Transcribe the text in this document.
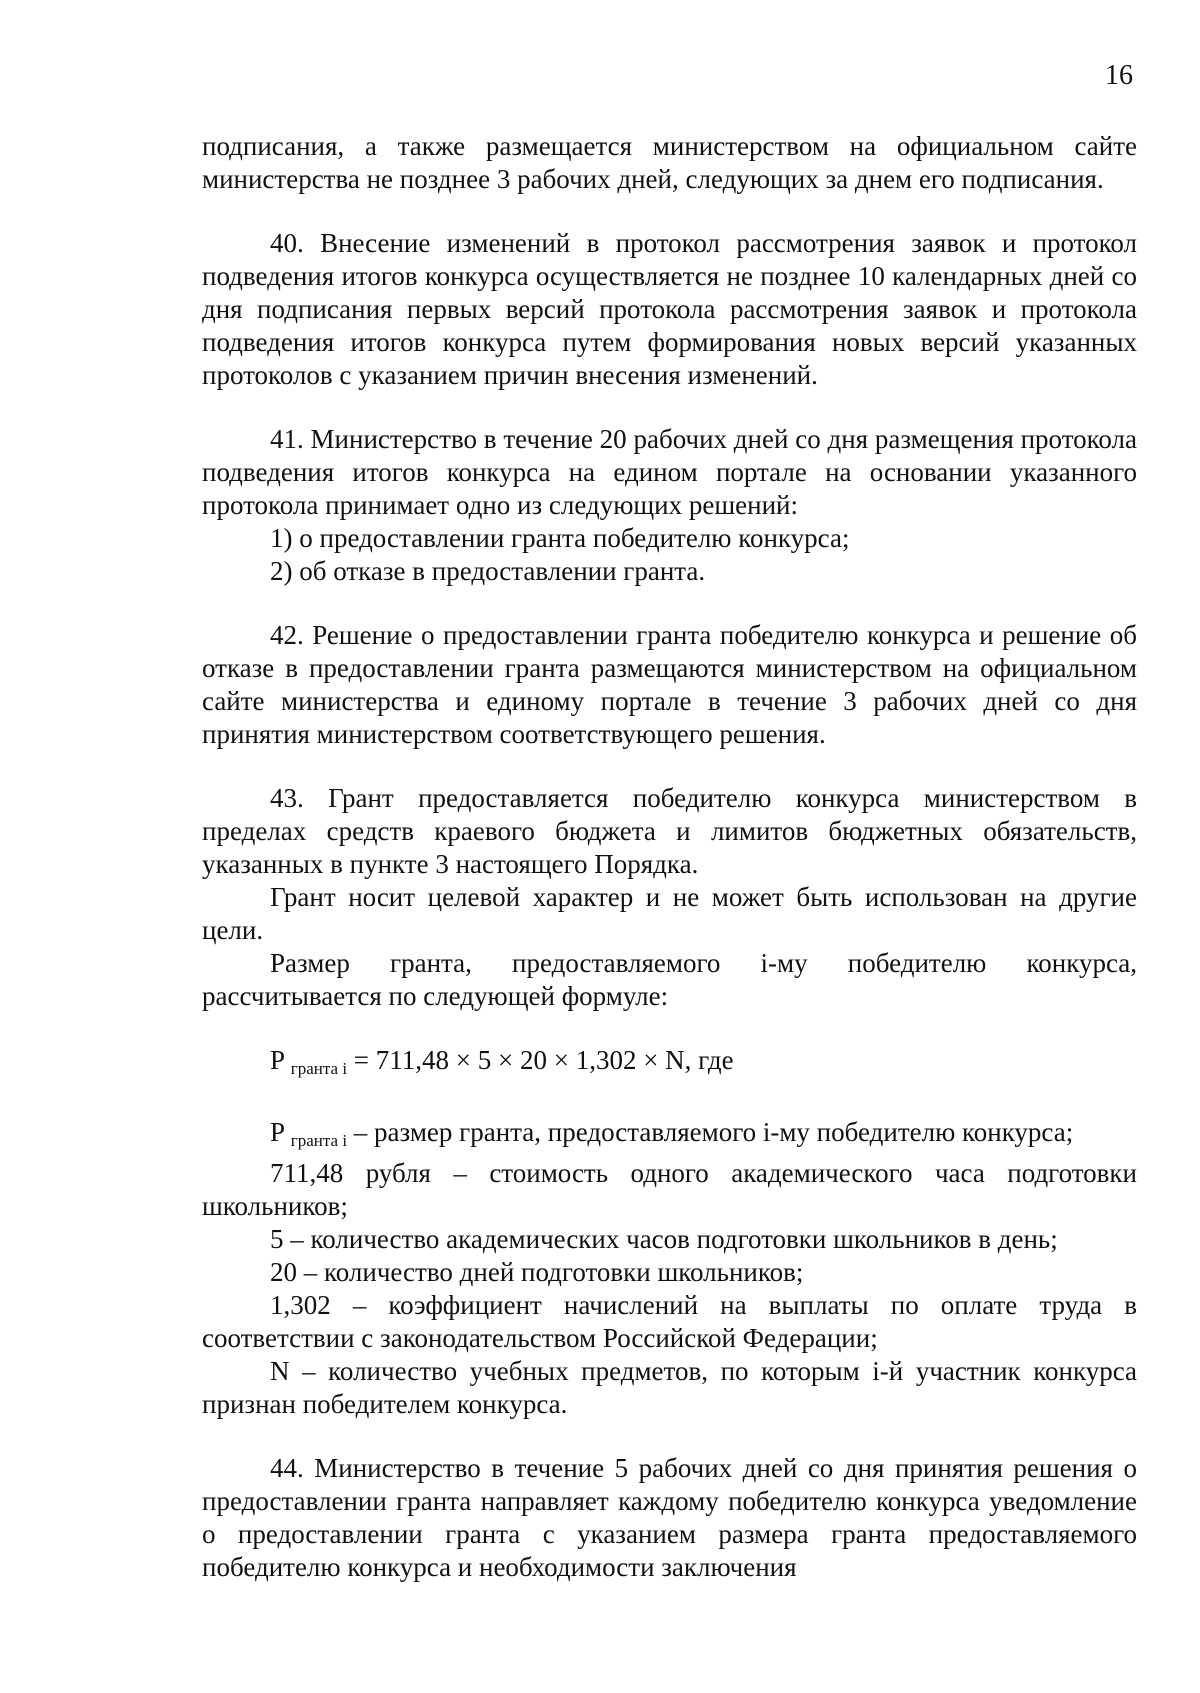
16

подписания, а также размещается министерством на официальном сайте министерства не позднее 3 рабочих дней, следующих за днем его подписания.

40. Внесение изменений в протокол рассмотрения заявок и протокол подведения итогов конкурса осуществляется не позднее 10 календарных дней со дня подписания первых версий протокола рассмотрения заявок и протокола подведения итогов конкурса путем формирования новых версий указанных протоколов с указанием причин внесения изменений.

41. Министерство в течение 20 рабочих дней со дня размещения протокола подведения итогов конкурса на едином портале на основании указанного протокола принимает одно из следующих решений:

1) о предоставлении гранта победителю конкурса;

2) об отказе в предоставлении гранта.

42. Решение о предоставлении гранта победителю конкурса и решение об отказе в предоставлении гранта размещаются министерством на официальном сайте министерства и единому портале в течение 3 рабочих дней со дня принятия министерством соответствующего решения.

43. Грант предоставляется победителю конкурса министерством в пределах средств краевого бюджета и лимитов бюджетных обязательств, указанных в пункте 3 настоящего Порядка.

Грант носит целевой характер и не может быть использован на другие цели.

Размер гранта, предоставляемого i-му победителю конкурса, рассчитывается по следующей формуле:

P $_{гранта i}$ = 711,48 × 5 × 20 × 1,302 × N, где

P $_{гранта i}$ – размер гранта, предоставляемого i-му победителю конкурса;

711,48 рубля – стоимость одного академического часа подготовки школьников;

5 – количество академических часов подготовки школьников в день;

20 – количество дней подготовки школьников;

1,302 – коэффициент начислений на выплаты по оплате труда в соответствии с законодательством Российской Федерации;

N – количество учебных предметов, по которым i-й участник конкурса признан победителем конкурса.

44. Министерство в течение 5 рабочих дней со дня принятия решения о предоставлении гранта направляет каждому победителю конкурса уведомление о предоставлении гранта с указанием размера гранта предоставляемого победителю конкурса и необходимости заключения
